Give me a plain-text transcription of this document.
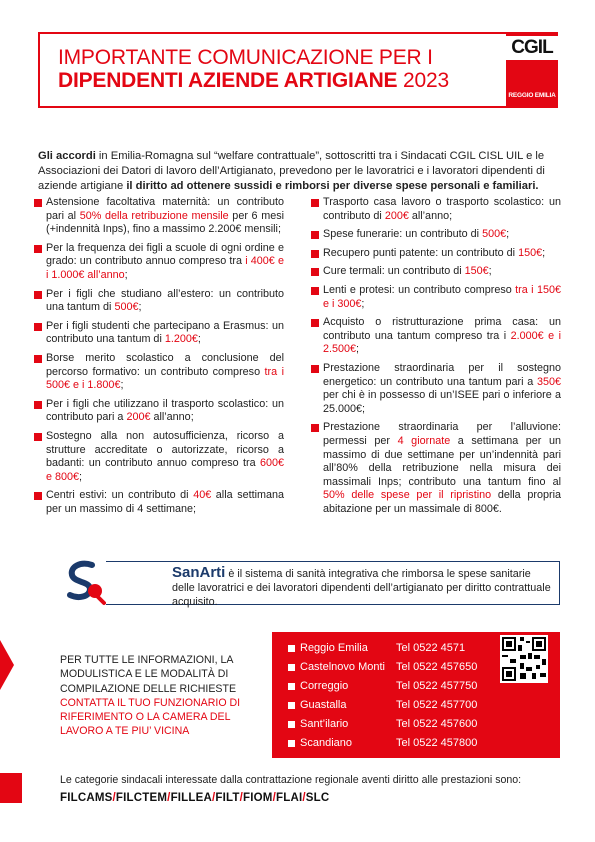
IMPORTANTE COMUNICAZIONE PER I
DIPENDENTI AZIENDE ARTIGIANE 2023
CGIL
REGGIO EMILIA
Gli accordi in Emilia-Romagna sul “welfare contrattuale”, sottoscritti tra i Sindacati CGIL CISL UIL e le Associazioni dei Datori di lavoro dell’Artigianato, prevedono per le lavoratrici e i lavoratori dipendenti di aziende artigiane il diritto ad ottenere sussidi e rimborsi per diverse spese personali e familiari.
Astensione facoltativa maternità: un contributo pari al 50% della retribuzione mensile per 6 mesi (+indennità Inps), fino a massimo 2.200€ mensili;
Per la frequenza dei figli a scuole di ogni ordine e grado: un contributo annuo compreso tra i 400€ e i 1.000€ all’anno;
Per i figli che studiano all’estero: un contributo una tantum di 500€;
Per i figli studenti che partecipano a Erasmus: un contributo una tantum di 1.200€;
Borse merito scolastico a conclusione del percorso formativo: un contributo compreso tra i 500€ e i 1.800€;
Per i figli che utilizzano il trasporto scolastico: un contributo pari a 200€ all’anno;
Sostegno alla non autosufficienza, ricorso a strutture accreditate o autorizzate, ricorso a badanti: un contributo annuo compreso tra 600€ e 800€;
Centri estivi: un contributo di 40€ alla settimana per un massimo di 4 settimane;
Trasporto casa lavoro o trasporto scolastico: un contributo di 200€ all’anno;
Spese funerarie: un contributo di 500€;
Recupero punti patente: un contributo di 150€;
Cure termali: un contributo di 150€;
Lenti e protesi: un contributo compreso tra i 150€ e i 300€;
Acquisto o ristrutturazione prima casa: un contributo una tantum compreso tra i 2.000€ e i 2.500€;
Prestazione straordinaria per il sostegno energetico: un contributo una tantum pari a 350€ per chi è in possesso di un’ISEE pari o inferiore a 25.000€;
Prestazione straordinaria per l’alluvione: permessi per 4 giornate a settimana per un massimo di due settimane per un’indennità pari all’80% della retribuzione nella misura dei massimali Inps; contributo una tantum fino al 50% delle spese per il ripristino della propria abitazione per un massimale di 800€.
SanArti è il sistema di sanità integrativa che rimborsa le spese sanitarie delle lavoratrici e dei lavoratori dipendenti dell’artigianato per diritto contrattuale acquisito.
PER TUTTE LE INFORMAZIONI, LA MODULISTICA E LE MODALITÀ DI COMPILAZIONE DELLE RICHIESTE CONTATTA IL TUO FUNZIONARIO DI RIFERIMENTO O LA CAMERA DEL LAVORO A TE PIU’ VICINA
Reggio Emilia	Tel 0522 4571
Castelnovo Monti Tel 0522 457650
Correggio	Tel 0522 457750
Guastalla	Tel 0522 457700
Sant’ilario	Tel 0522 457600
Scandiano	Tel 0522 457800
Le categorie sindacali interessate dalla contrattazione regionale aventi diritto alle prestazioni sono:
FILCAMS/FILCTEM/FILLEA/FILT/FIOM/FLAI/SLC
